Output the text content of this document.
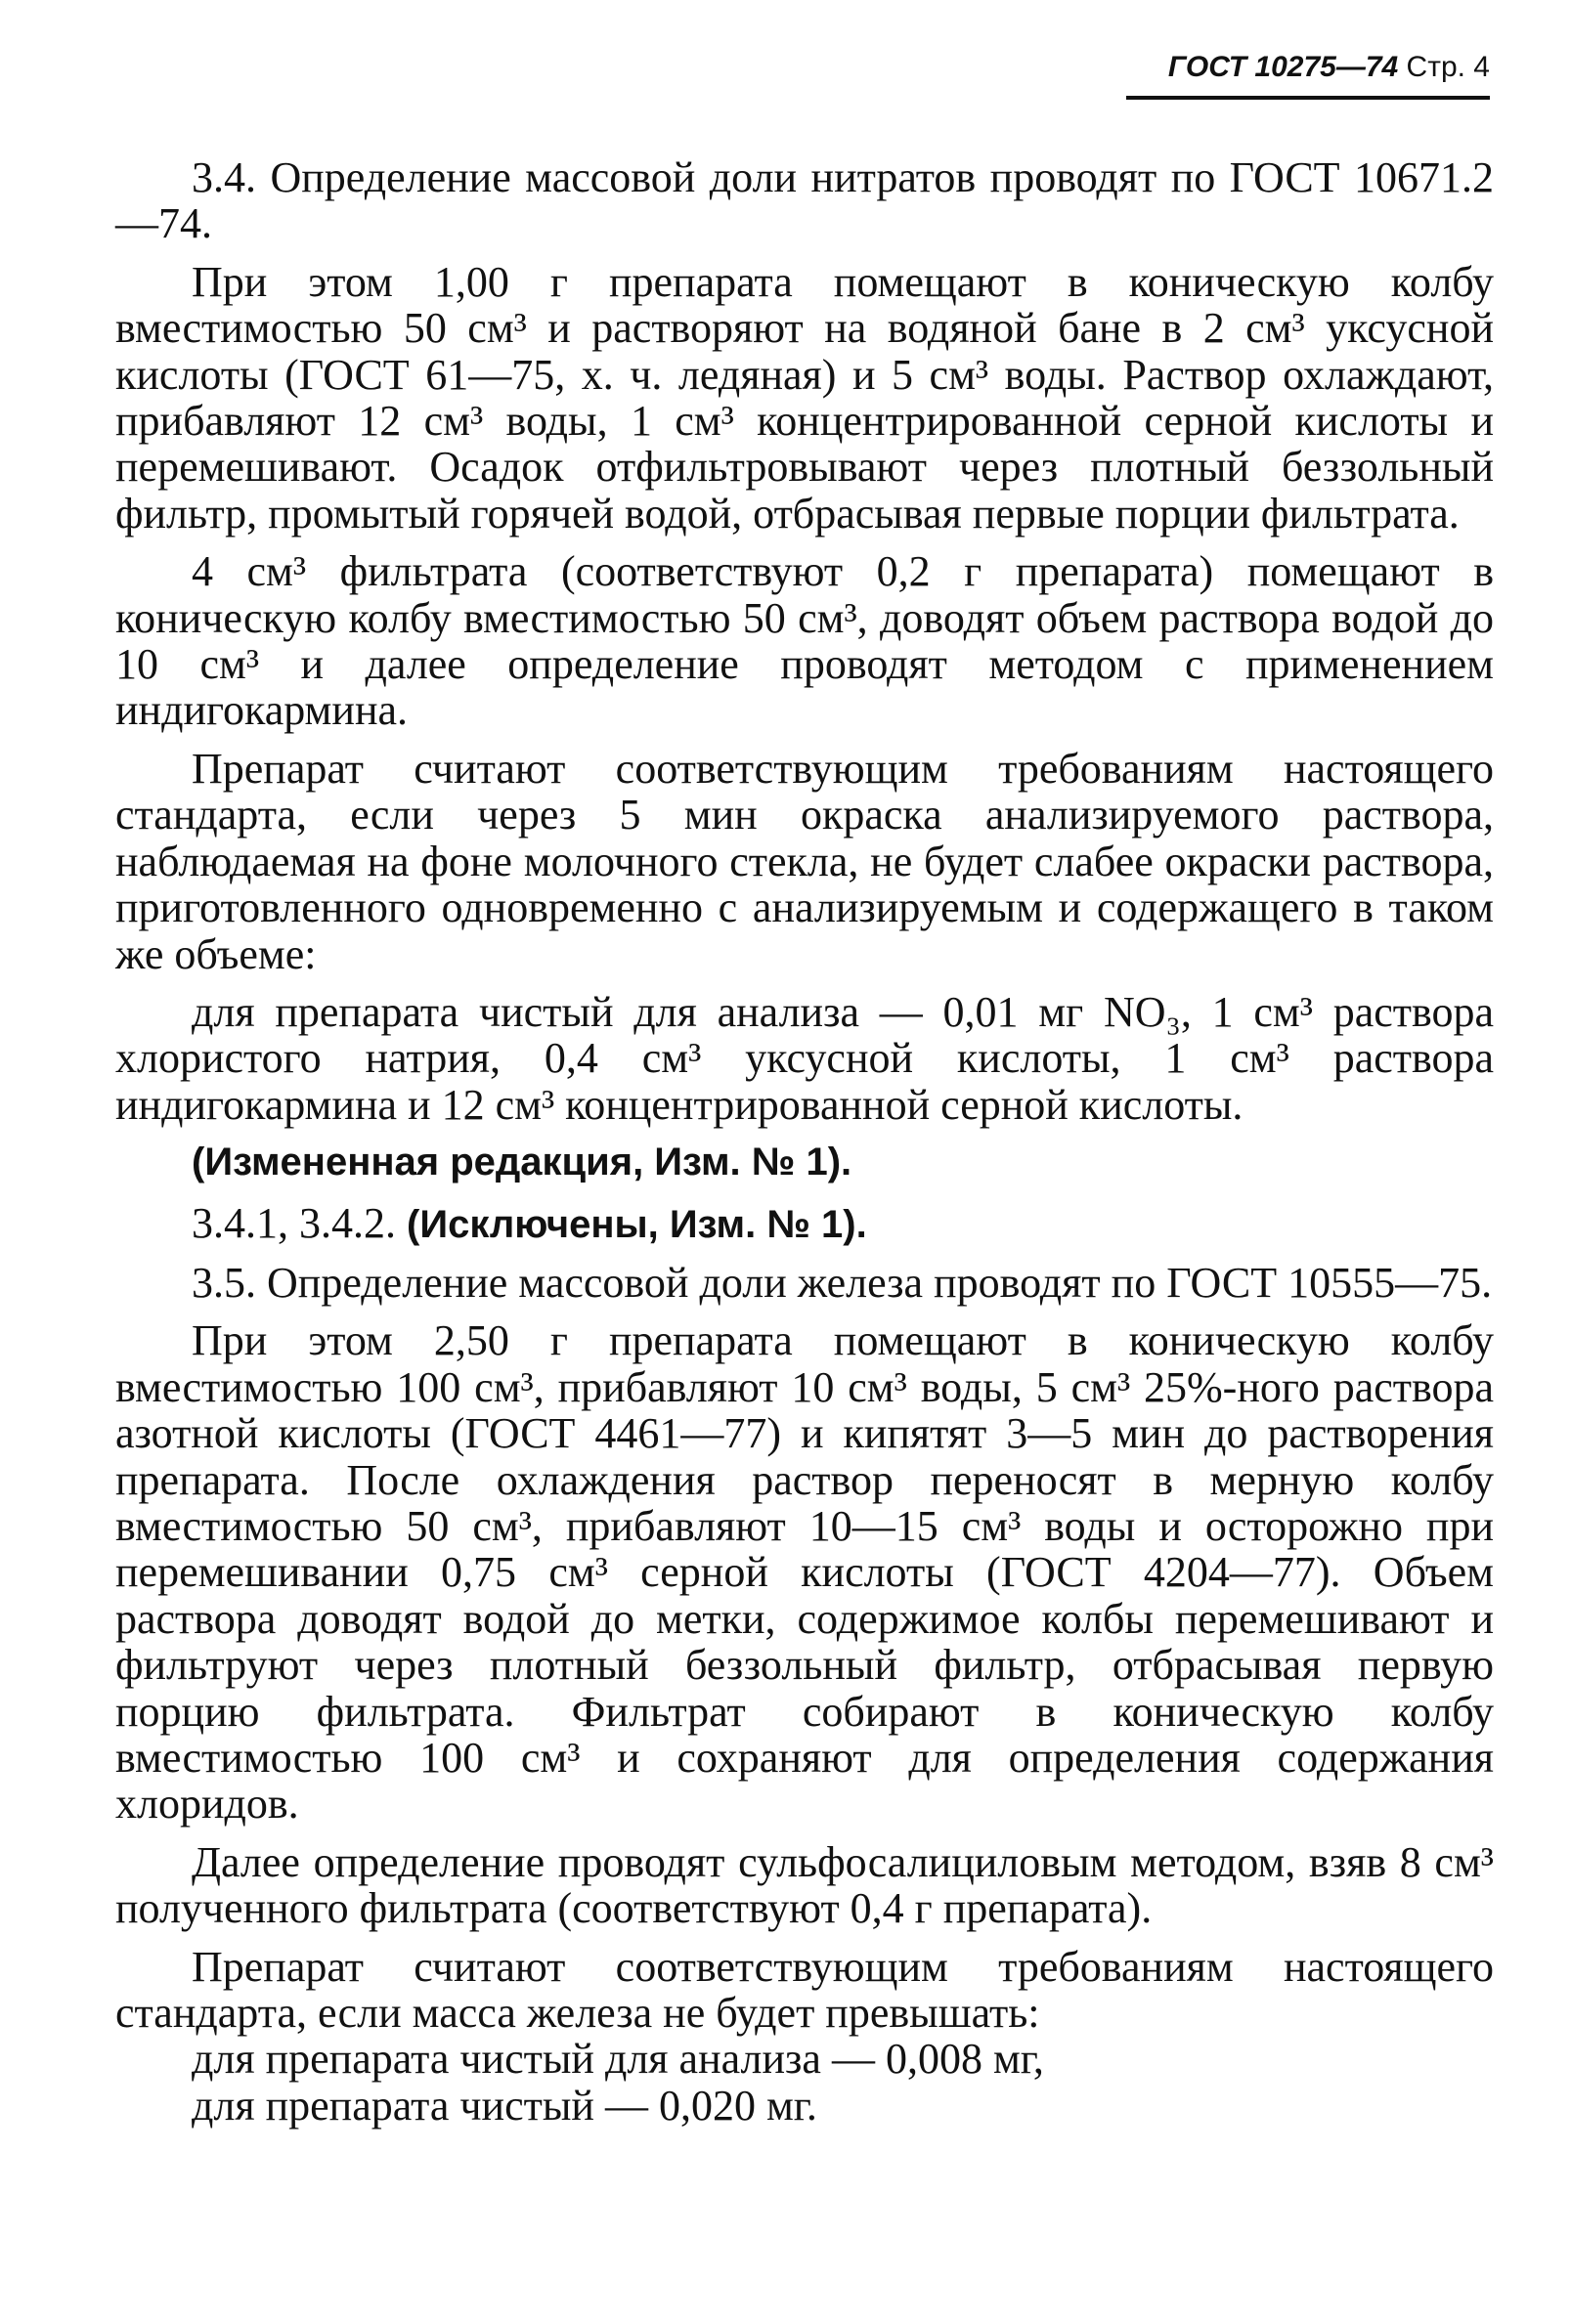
ГОСТ 10275—74 Стр. 4

3.4. Определение массовой доли нитратов проводят по ГОСТ 10671.2—74.

При этом 1,00 г препарата помещают в коническую колбу вместимостью 50 см³ и растворяют на водяной бане в 2 см³ уксусной кислоты (ГОСТ 61—75, х. ч. ледяная) и 5 см³ воды. Раствор охлаждают, прибавляют 12 см³ воды, 1 см³ концентрированной серной кислоты и перемешивают. Осадок отфильтровывают через плотный беззольный фильтр, промытый горячей водой, отбрасывая первые порции фильтрата.

4 см³ фильтрата (соответствуют 0,2 г препарата) помещают в коническую колбу вместимостью 50 см³, доводят объем раствора водой до 10 см³ и далее определение проводят методом с применением индигокармина.

Препарат считают соответствующим требованиям настоящего стандарта, если через 5 мин окраска анализируемого раствора, наблюдаемая на фоне молочного стекла, не будет слабее окраски раствора, приготовленного одновременно с анализируемым и содержащего в таком же объеме:

для препарата чистый для анализа — 0,01 мг NO₃, 1 см³ раствора хлористого натрия, 0,4 см³ уксусной кислоты, 1 см³ раствора индигокармина и 12 см³ концентрированной серной кислоты.

(Измененная редакция, Изм. № 1).

3.4.1, 3.4.2. (Исключены, Изм. № 1).

3.5. Определение массовой доли железа проводят по ГОСТ 10555—75.

При этом 2,50 г препарата помещают в коническую колбу вместимостью 100 см³, прибавляют 10 см³ воды, 5 см³ 25%-ного раствора азотной кислоты (ГОСТ 4461—77) и кипятят 3—5 мин до растворения препарата. После охлаждения раствор переносят в мерную колбу вместимостью 50 см³, прибавляют 10—15 см³ воды и осторожно при перемешивании 0,75 см³ серной кислоты (ГОСТ 4204—77). Объем раствора доводят водой до метки, содержимое колбы перемешивают и фильтруют через плотный беззольный фильтр, отбрасывая первую порцию фильтрата. Фильтрат собирают в коническую колбу вместимостью 100 см³ и сохраняют для определения содержания хлоридов.

Далее определение проводят сульфосалициловым методом, взяв 8 см³ полученного фильтрата (соответствуют 0,4 г препарата).

Препарат считают соответствующим требованиям настоящего стандарта, если масса железа не будет превышать:

для препарата чистый для анализа — 0,008 мг,

для препарата чистый — 0,020 мг.
